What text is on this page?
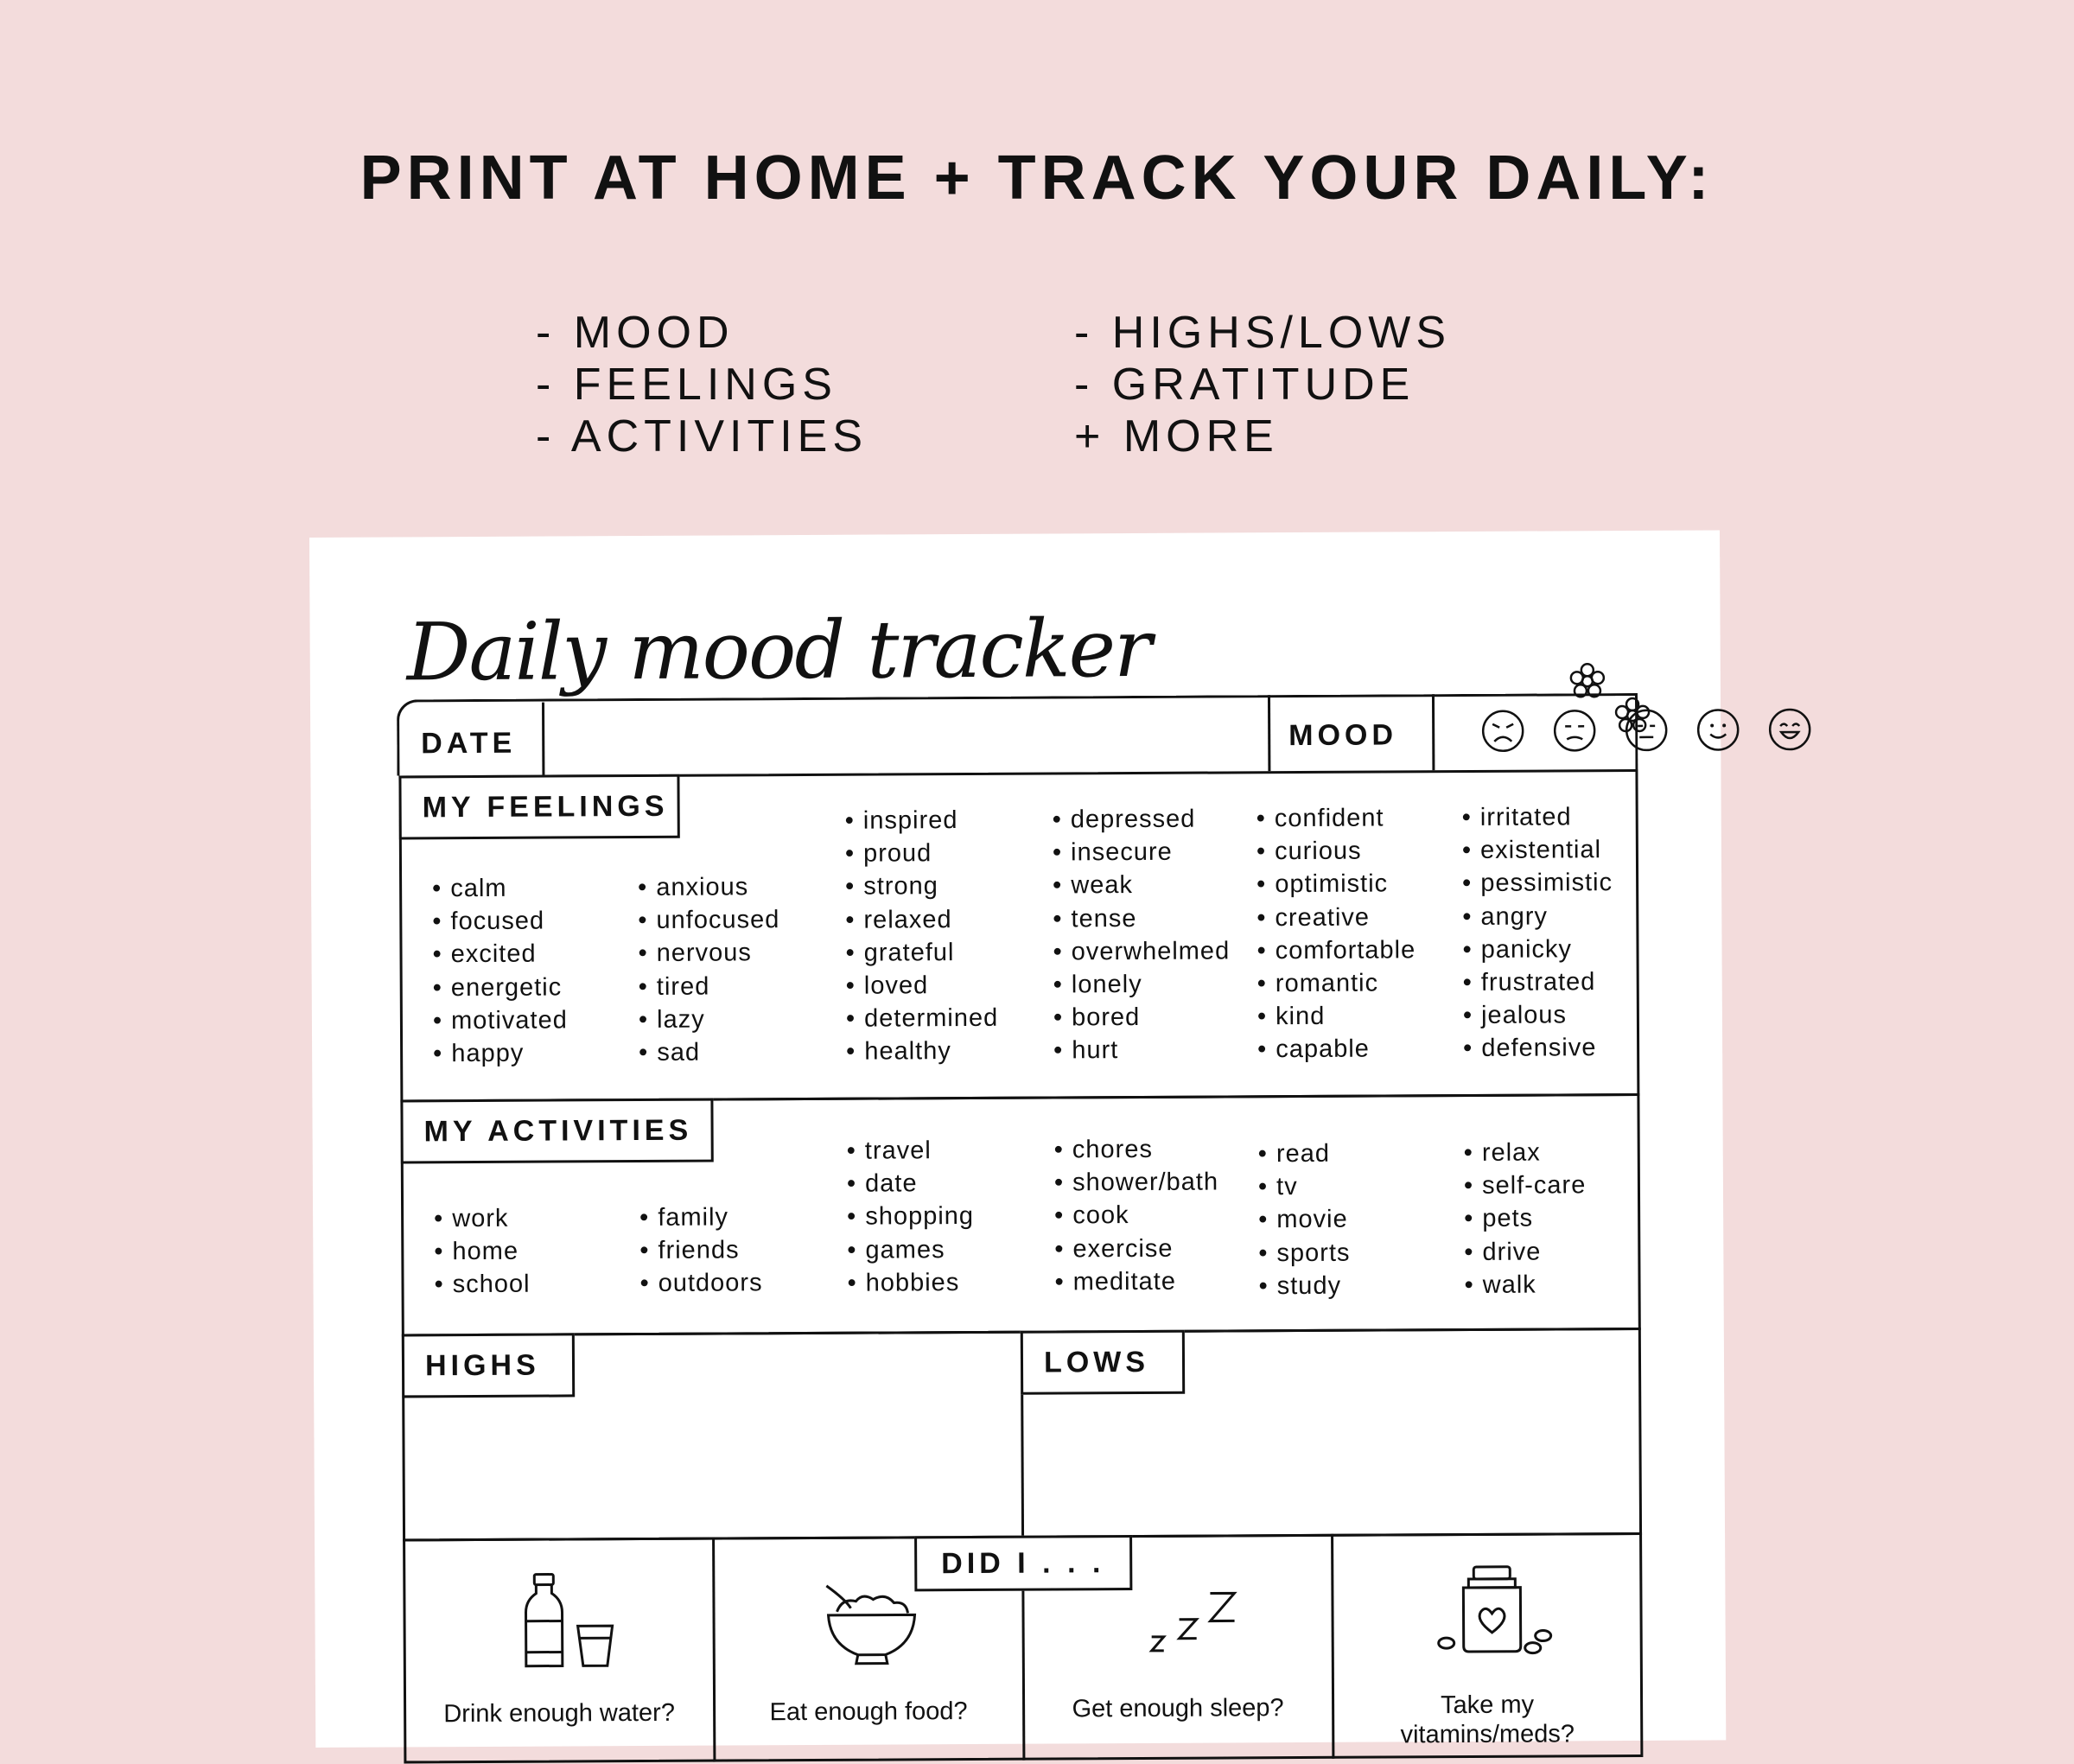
PRINT AT HOME + TRACK YOUR DAILY:
- MOOD
- FEELINGS
- ACTIVITIES
- HIGHS/LOWS
- GRATITUDE
+ MORE
Daily mood tracker
DATE	MOOD
MY FEELINGS
• calm
• focused
• excited
• energetic
• motivated
• happy
• anxious
• unfocused
• nervous
• tired
• lazy
• sad
• inspired
• proud
• strong
• relaxed
• grateful
• loved
• determined
• healthy
• depressed
• insecure
• weak
• tense
• overwhelmed
• lonely
• bored
• hurt
• confident
• curious
• optimistic
• creative
• comfortable
• romantic
• kind
• capable
• irritated
• existential
• pessimistic
• angry
• panicky
• frustrated
• jealous
• defensive
MY ACTIVITIES
• work
• home
• school
• family
• friends
• outdoors
• travel
• date
• shopping
• games
• hobbies
• chores
• shower/bath
• cook
• exercise
• meditate
• read
• tv
• movie
• sports
• study
• relax
• self-care
• pets
• drive
• walk
HIGHS	LOWS
DID I . . .
Drink enough water?	Eat enough food?	Get enough sleep?	Take my vitamins/meds?
